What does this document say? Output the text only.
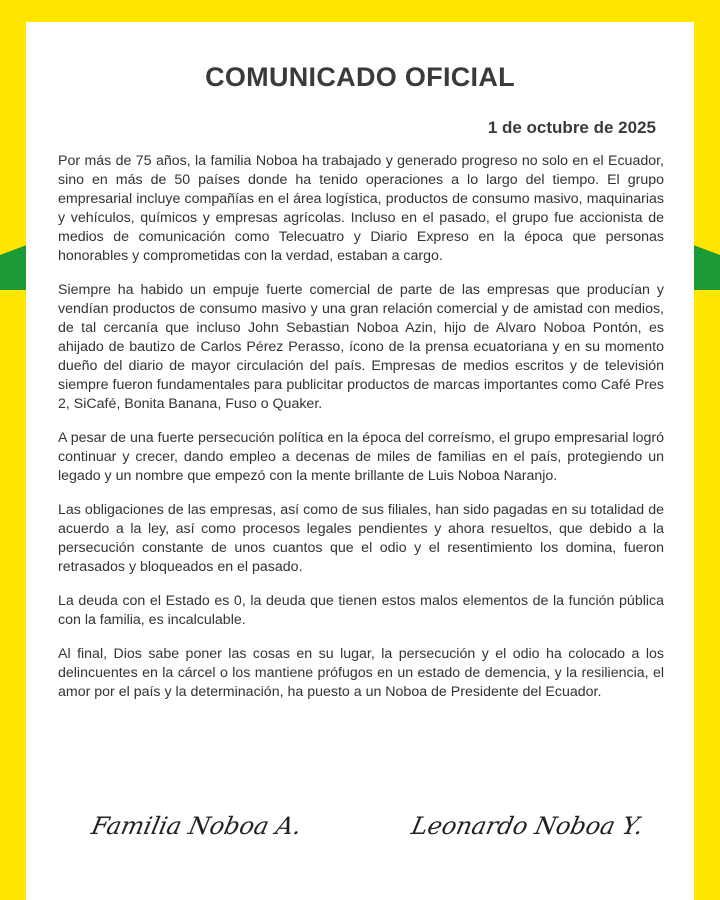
COMUNICADO OFICIAL
1 de octubre de 2025

Por más de 75 años, la familia Noboa ha trabajado y generado progreso no solo en el Ecuador, sino en más de 50 países donde ha tenido operaciones a lo largo del tiempo. El grupo empresarial incluye compañías en el área logística, productos de consumo masivo, maquinarias y vehículos, químicos y empresas agrícolas. Incluso en el pasado, el grupo fue accionista de medios de comunicación como Telecuatro y Diario Expreso en la época que personas honorables y comprometidas con la verdad, estaban a cargo.

Siempre ha habido un empuje fuerte comercial de parte de las empresas que producían y vendían productos de consumo masivo y una gran relación comercial y de amistad con medios, de tal cercanía que incluso John Sebastian Noboa Azin, hijo de Alvaro Noboa Pontón, es ahijado de bautizo de Carlos Pérez Perasso, ícono de la prensa ecuatoriana y en su momento dueño del diario de mayor circulación del país. Empresas de medios escritos y de televisión siempre fueron fundamentales para publicitar productos de marcas importantes como Café Pres 2, SiCafé, Bonita Banana, Fuso o Quaker.

A pesar de una fuerte persecución política en la época del correísmo, el grupo empresarial logró continuar y crecer, dando empleo a decenas de miles de familias en el país, protegiendo un legado y un nombre que empezó con la mente brillante de Luis Noboa Naranjo.

Las obligaciones de las empresas, así como de sus filiales, han sido pagadas en su totalidad de acuerdo a la ley, así como procesos legales pendientes y ahora resueltos, que debido a la persecución constante de unos cuantos que el odio y el resentimiento los domina, fueron retrasados y bloqueados en el pasado.

La deuda con el Estado es 0, la deuda que tienen estos malos elementos de la función pública con la familia, es incalculable.

Al final, Dios sabe poner las cosas en su lugar, la persecución y el odio ha colocado a los delincuentes en la cárcel o los mantiene prófugos en un estado de demencia, y la resiliencia, el amor por el país y la determinación, ha puesto a un Noboa de Presidente del Ecuador.

Familia Noboa A.	Leonardo Noboa Y.
